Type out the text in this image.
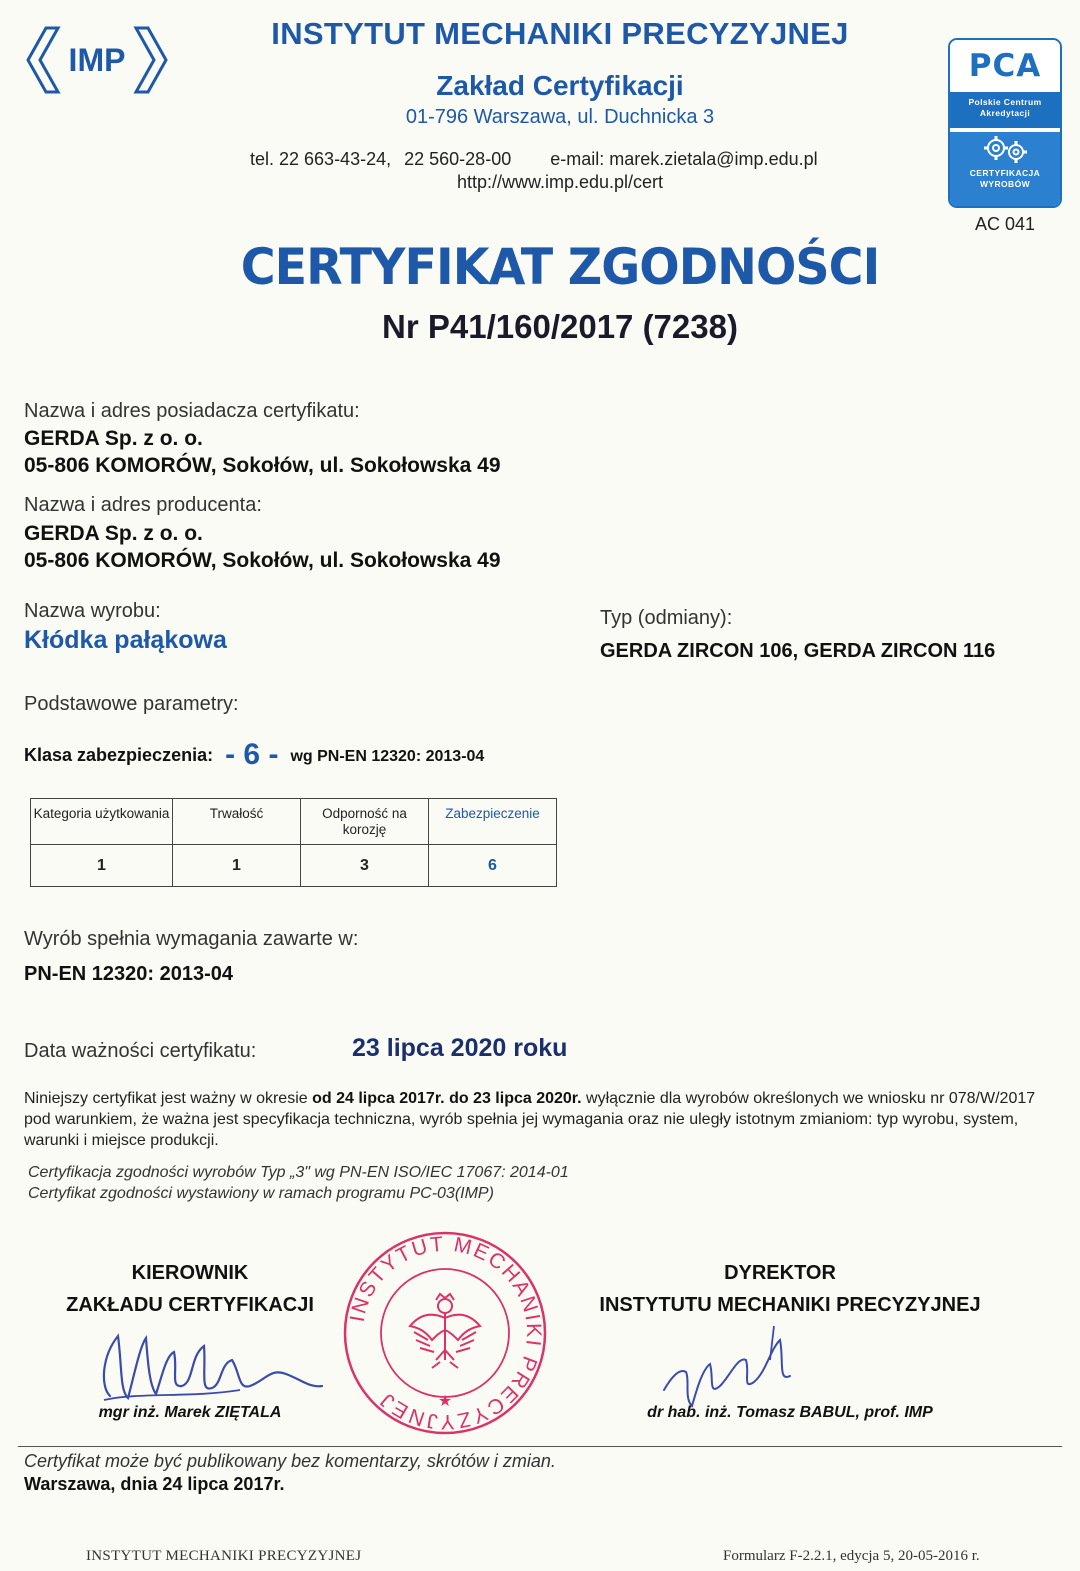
IMP
INSTYTUT MECHANIKI PRECYZYJNEJ
Zakład Certyfikacji
01-796 Warszawa, ul. Duchnicka 3
tel. 22 663-43-24, 22 560-28-00 e-mail: marek.zietala@imp.edu.pl
http://www.imp.edu.pl/cert
PCA
Polskie Centrum
Akredytacji
CERTYFIKACJA
WYROBÓW
AC 041
CERTYFIKAT ZGODNOŚCI
Nr P41/160/2017 (7238)
Nazwa i adres posiadacza certyfikatu:
GERDA Sp. z o. o.
05-806 KOMORÓW, Sokołów, ul. Sokołowska 49
Nazwa i adres producenta:
GERDA Sp. z o. o.
05-806 KOMORÓW, Sokołów, ul. Sokołowska 49
Nazwa wyrobu:
Kłódka pałąkowa
Typ (odmiany):
GERDA ZIRCON 106, GERDA ZIRCON 116
Podstawowe parametry:
Klasa zabezpieczenia: - 6 - wg PN-EN 12320: 2013-04
Kategoria użytkowania	Trwałość	Odporność na korozję	Zabezpieczenie
1	1	3	6
Wyrób spełnia wymagania zawarte w:
PN-EN 12320: 2013-04
Data ważności certyfikatu:	23 lipca 2020 roku
Niniejszy certyfikat jest ważny w okresie od 24 lipca 2017r. do 23 lipca 2020r. wyłącznie dla wyrobów określonych we wniosku nr 078/W/2017 pod warunkiem, że ważna jest specyfikacja techniczna, wyrób spełnia jej wymagania oraz nie uległy istotnym zmianiom: typ wyrobu, system, warunki i miejsce produkcji.
Certyfikacja zgodności wyrobów Typ „3" wg PN-EN ISO/IEC 17067: 2014-01
Certyfikat zgodności wystawiony w ramach programu PC-03(IMP)
KIEROWNIK
ZAKŁADU CERTYFIKACJI
mgr inż. Marek ZIĘTALA
INSTYTUT MECHANIKI PRECYZYJNEJ	★
DYREKTOR
INSTYTUTU MECHANIKI PRECYZYJNEJ
dr hab. inż. Tomasz BABUL, prof. IMP
Certyfikat może być publikowany bez komentarzy, skrótów i zmian.
Warszawa, dnia 24 lipca 2017r.
INSTYTUT MECHANIKI PRECYZYJNEJ	Formularz F-2.2.1, edycja 5, 20-05-2016 r.
